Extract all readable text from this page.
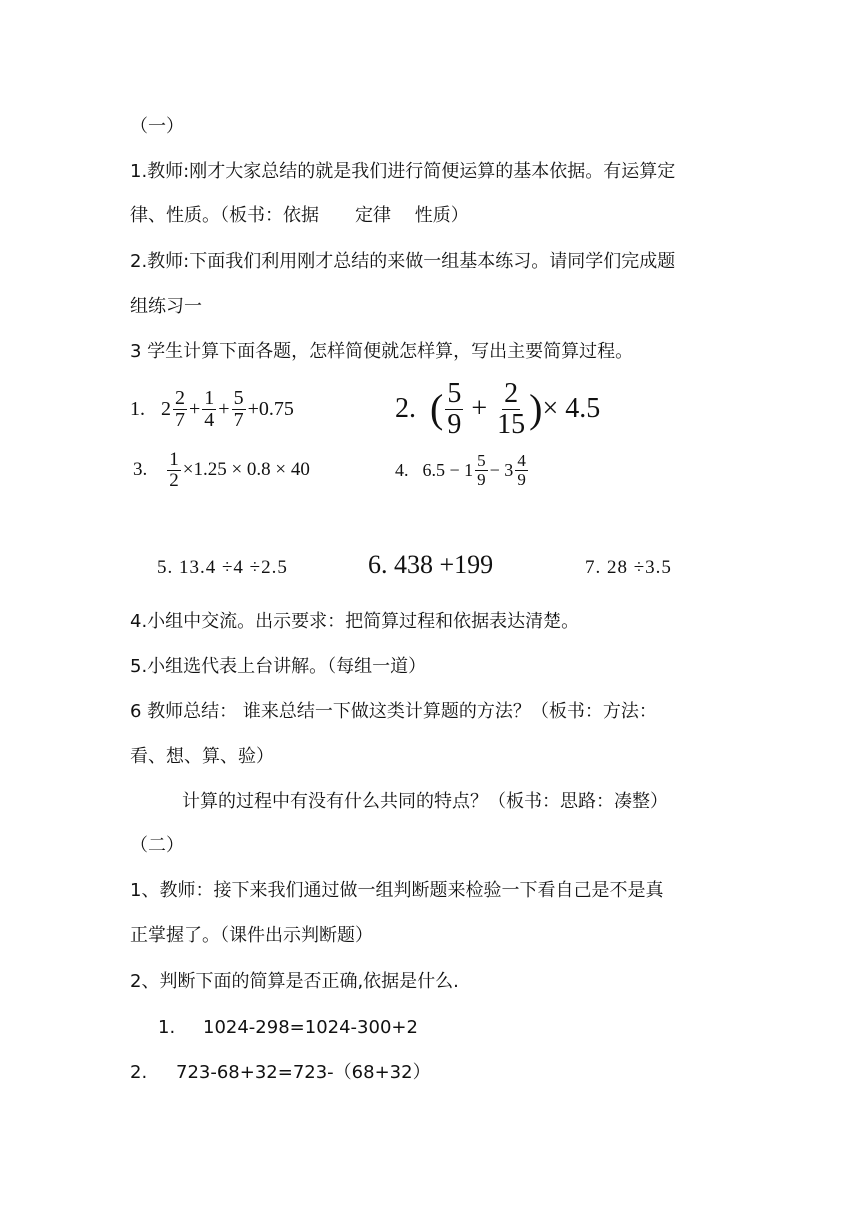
（一）
1.教师:刚才大家总结的就是我们进行简便运算的基本依据。有运算定
律、性质。（板书：依据　　定律　 性质）
2.教师:下面我们利用刚才总结的来做一组基本练习。请同学们完成题
组练习一
3 学生计算下面各题，怎样简便就怎样算，写出主要简算过程。
1. $2 \frac{2}{7} + \frac{1}{4} + \frac{5}{7} + 0.75$	2. ( $\frac{5}{9} + \frac{2}{15}$ ) × 4.5
3. $\frac{1}{2} \times 1.25 \times 0.8 \times 40$	4. $6.5 - 1 \frac{5}{9} - 3 \frac{4}{9}$
5. 13.4 ÷4 ÷2.5	6. 438 +199	7. 28 ÷3.5
4.小组中交流。出示要求：把简算过程和依据表达清楚。
5.小组选代表上台讲解。（每组一道）
6 教师总结： 谁来总结一下做这类计算题的方法？（板书：方法：
看、想、算、验）
计算的过程中有没有什么共同的特点？（板书：思路：凑整）
（二）
1、教师：接下来我们通过做一组判断题来检验一下看自己是不是真
正掌握了。（课件出示判断题）
2、判断下面的简算是否正确,依据是什么.
1. 1024-298=1024-300+2
2. 723-68+32=723-（68+32）
